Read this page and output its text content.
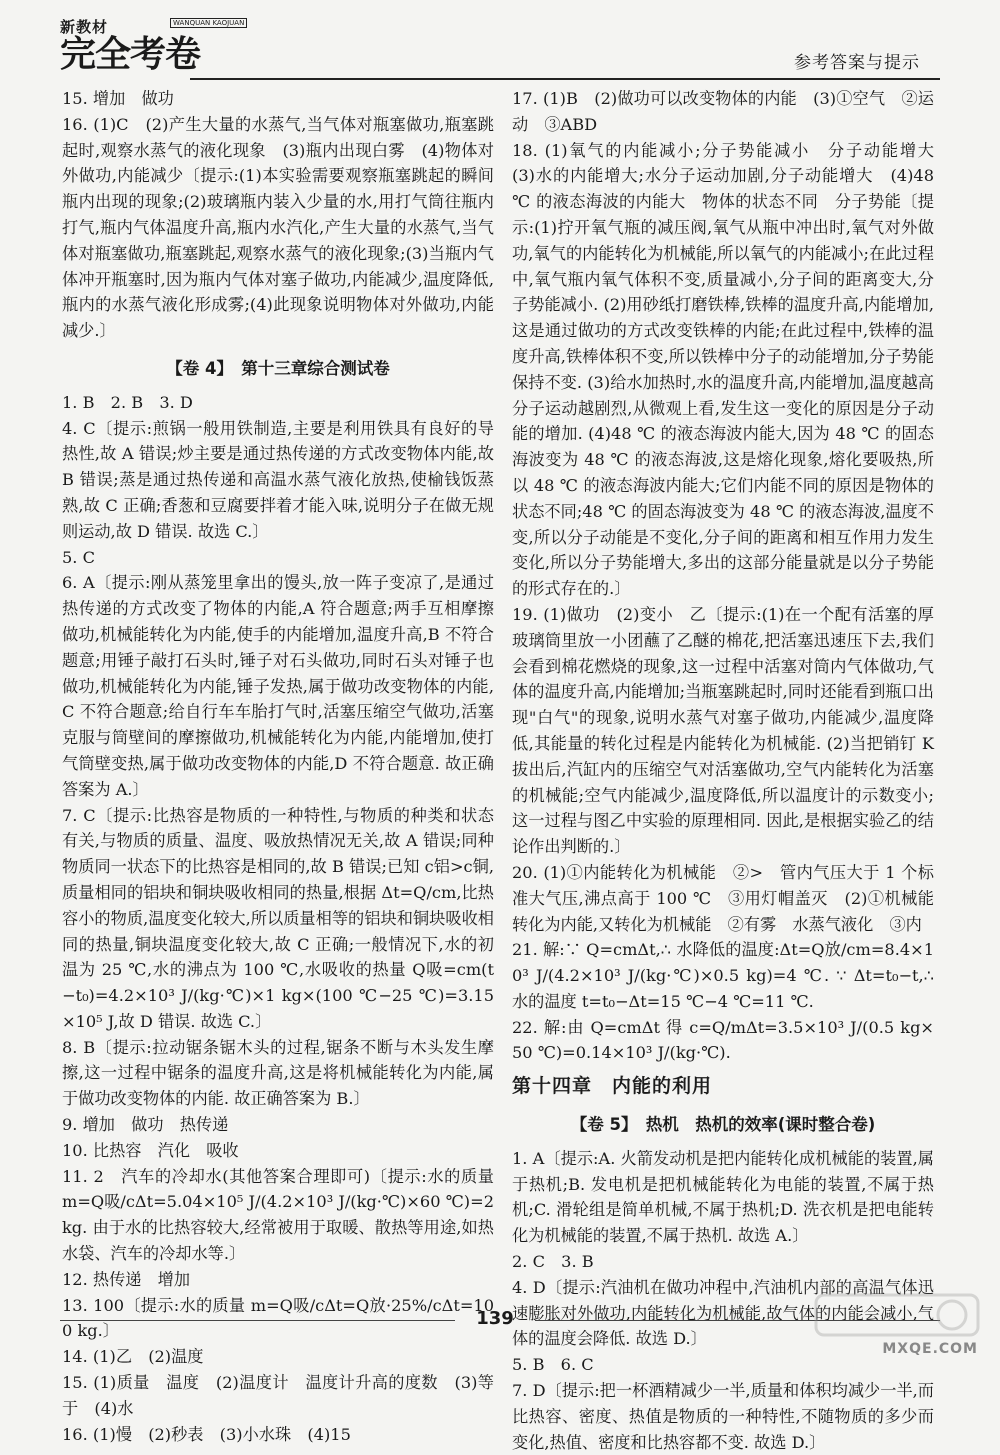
新教材	WANQUAN KAOJUAN
完全考卷	参考答案与提示
15. 增加　做功
16. (1)C　(2)产生大量的水蒸气,当气体对瓶塞做功,瓶塞跳起时,观察水蒸气的液化现象　(3)瓶内出现白雾　(4)物体对外做功,内能减少〔提示:(1)本实验需要观察瓶塞跳起的瞬间瓶内出现的现象;(2)玻璃瓶内装入少量的水,用打气筒往瓶内打气,瓶内气体温度升高,瓶内水汽化,产生大量的水蒸气,当气体对瓶塞做功,瓶塞跳起,观察水蒸气的液化现象;(3)当瓶内气体冲开瓶塞时,因为瓶内气体对塞子做功,内能减少,温度降低,瓶内的水蒸气液化形成雾;(4)此现象说明物体对外做功,内能减少.〕
【卷 4】　第十三章综合测试卷
1. B　2. B　3. D
4. C〔提示:煎锅一般用铁制造,主要是利用铁具有良好的导热性,故 A 错误;炒主要是通过热传递的方式改变物体内能,故 B 错误;蒸是通过热传递和高温水蒸气液化放热,使榆钱饭蒸熟,故 C 正确;香葱和豆腐要拌着才能入味,说明分子在做无规则运动,故 D 错误. 故选 C.〕
5. C
6. A〔提示:刚从蒸笼里拿出的馒头,放一阵子变凉了,是通过热传递的方式改变了物体的内能,A 符合题意;两手互相摩擦做功,机械能转化为内能,使手的内能增加,温度升高,B 不符合题意;用锤子敲打石头时,锤子对石头做功,同时石头对锤子也做功,机械能转化为内能,锤子发热,属于做功改变物体的内能,C 不符合题意;给自行车车胎打气时,活塞压缩空气做功,活塞克服与筒壁间的摩擦做功,机械能转化为内能,内能增加,使打气筒壁变热,属于做功改变物体的内能,D 不符合题意. 故正确答案为 A.〕
7. C〔提示:比热容是物质的一种特性,与物质的种类和状态有关,与物质的质量、温度、吸放热情况无关,故 A 错误;同种物质同一状态下的比热容是相同的,故 B 错误;已知 c铝>c铜,质量相同的铝块和铜块吸收相同的热量,根据 Δt=Q/cm,比热容小的物质,温度变化较大,所以质量相等的铝块和铜块吸收相同的热量,铜块温度变化较大,故 C 正确;一般情况下,水的初温为 25 ℃,水的沸点为 100 ℃,水吸收的热量 Q吸=cm(t−t₀)=4.2×10³ J/(kg·℃)×1 kg×(100 ℃−25 ℃)=3.15×10⁵ J,故 D 错误. 故选 C.〕
8. B〔提示:拉动锯条锯木头的过程,锯条不断与木头发生摩擦,这一过程中锯条的温度升高,这是将机械能转化为内能,属于做功改变物体的内能. 故正确答案为 B.〕
9. 增加　做功　热传递
10. 比热容　汽化　吸收
11. 2　汽车的冷却水(其他答案合理即可)〔提示:水的质量 m=Q吸/cΔt=5.04×10⁵ J/(4.2×10³ J/(kg·℃)×60 ℃)=2 kg. 由于水的比热容较大,经常被用于取暖、散热等用途,如热水袋、汽车的冷却水等.〕
12. 热传递　增加
13. 100〔提示:水的质量 m=Q吸/cΔt=Q放·25%/cΔt=100 kg.〕
14. (1)乙　(2)温度
15. (1)质量　温度　(2)温度计　温度计升高的度数　(3)等于　(4)水
16. (1)慢　(2)秒表　(3)小水珠　(4)15
17. (1)B　(2)做功可以改变物体的内能　(3)①空气　②运动　③ABD
18. (1)氧气的内能减小;分子势能减小　分子动能增大　(3)水的内能增大;水分子运动加剧,分子动能增大　(4)48 ℃ 的液态海波的内能大　物体的状态不同　分子势能〔提示:(1)拧开氧气瓶的减压阀,氧气从瓶中冲出时,氧气对外做功,氧气的内能转化为机械能,所以氧气的内能减小;在此过程中,氧气瓶内氧气体积不变,质量减小,分子间的距离变大,分子势能减小. (2)用砂纸打磨铁棒,铁棒的温度升高,内能增加,这是通过做功的方式改变铁棒的内能;在此过程中,铁棒的温度升高,铁棒体积不变,所以铁棒中分子的动能增加,分子势能保持不变. (3)给水加热时,水的温度升高,内能增加,温度越高分子运动越剧烈,从微观上看,发生这一变化的原因是分子动能的增加. (4)48 ℃ 的液态海波内能大,因为 48 ℃ 的固态海波变为 48 ℃ 的液态海波,这是熔化现象,熔化要吸热,所以 48 ℃ 的液态海波内能大;它们内能不同的原因是物体的状态不同;48 ℃ 的固态海波变为 48 ℃ 的液态海波,温度不变,所以分子动能是不变化,分子间的距离和相互作用力发生变化,所以分子势能增大,多出的这部分能量就是以分子势能的形式存在的.〕
19. (1)做功　(2)变小　乙〔提示:(1)在一个配有活塞的厚玻璃筒里放一小团蘸了乙醚的棉花,把活塞迅速压下去,我们会看到棉花燃烧的现象,这一过程中活塞对筒内气体做功,气体的温度升高,内能增加;当瓶塞跳起时,同时还能看到瓶口出现"白气"的现象,说明水蒸气对塞子做功,内能减少,温度降低,其能量的转化过程是内能转化为机械能. (2)当把销钉 K 拔出后,汽缸内的压缩空气对活塞做功,空气内能转化为活塞的机械能;空气内能减少,温度降低,所以温度计的示数变小;这一过程与图乙中实验的原理相同. 因此,是根据实验乙的结论作出判断的.〕
20. (1)①内能转化为机械能　②>　管内气压大于 1 个标准大气压,沸点高于 100 ℃　③用灯帽盖灭　(2)①机械能转化为内能,又转化为机械能　②有雾　水蒸气液化　③内
21. 解:∵ Q=cmΔt,∴ 水降低的温度:Δt=Q放/cm=8.4×10³ J/(4.2×10³ J/(kg·℃)×0.5 kg)=4 ℃. ∵ Δt=t₀−t,∴ 水的温度 t=t₀−Δt=15 ℃−4 ℃=11 ℃.
22. 解:由 Q=cmΔt 得 c=Q/mΔt=3.5×10³ J/(0.5 kg×50 ℃)=0.14×10³ J/(kg·℃).
第十四章　内能的利用
【卷 5】　热机　热机的效率(课时整合卷)
1. A〔提示:A. 火箭发动机是把内能转化成机械能的装置,属于热机;B. 发电机是把机械能转化为电能的装置,不属于热机;C. 滑轮组是简单机械,不属于热机;D. 洗衣机是把电能转化为机械能的装置,不属于热机. 故选 A.〕
2. C　3. B
4. D〔提示:汽油机在做功冲程中,汽油机内部的高温气体迅速膨胀对外做功,内能转化为机械能,故气体的内能会减小,气体的温度会降低. 故选 D.〕
5. B　6. C
7. D〔提示:把一杯酒精减少一半,质量和体积均减少一半,而比热容、密度、热值是物质的一种特性,不随物质的多少而变化,热值、密度和比热容都不变. 故选 D.〕
139
MXQE.COM
